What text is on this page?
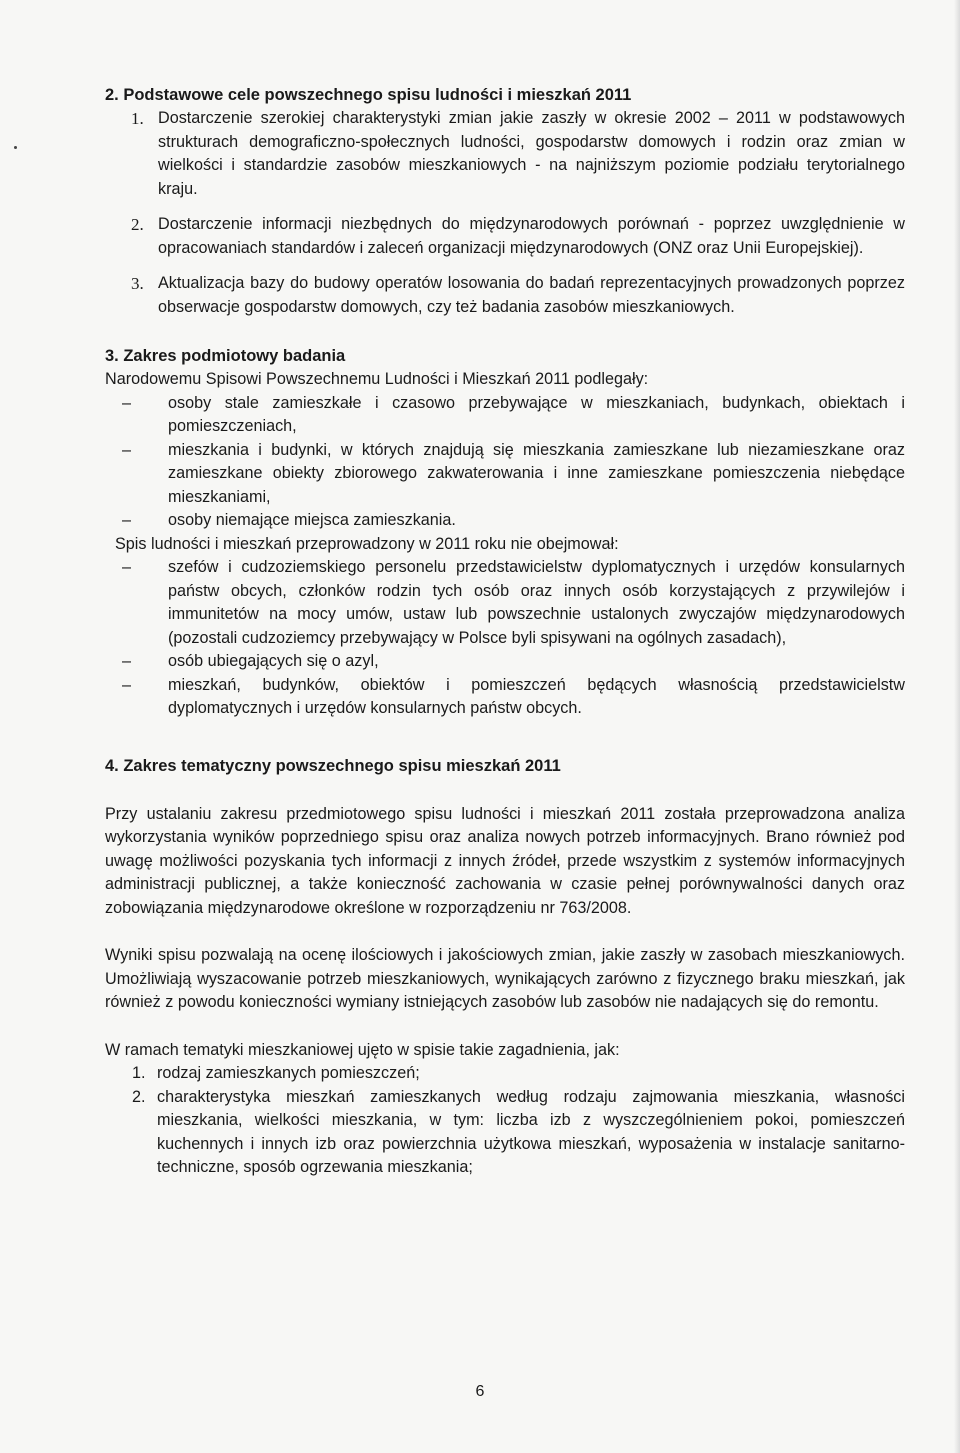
2. Podstawowe cele powszechnego spisu ludności i mieszkań 2011
1. Dostarczenie szerokiej charakterystyki zmian jakie zaszły w okresie 2002 – 2011 w podstawowych strukturach demograficzno-społecznych ludności, gospodarstw domowych i rodzin oraz zmian w wielkości i standardzie zasobów mieszkaniowych - na najniższym poziomie podziału terytorialnego kraju.
2. Dostarczenie informacji niezbędnych do międzynarodowych porównań - poprzez uwzględnienie w opracowaniach standardów i zaleceń organizacji międzynarodowych (ONZ oraz Unii Europejskiej).
3. Aktualizacja bazy do budowy operatów losowania do badań reprezentacyjnych prowadzonych poprzez obserwacje gospodarstw domowych, czy też badania zasobów mieszkaniowych.
3. Zakres podmiotowy badania

Narodowemu Spisowi Powszechnemu Ludności i Mieszkań 2011 podlegały:

– osoby stale zamieszkałe i czasowo przebywające w mieszkaniach, budynkach, obiektach i pomieszczeniach,
– mieszkania i budynki, w których znajdują się mieszkania zamieszkane lub niezamieszkane oraz zamieszkane obiekty zbiorowego zakwaterowania i inne zamieszkane pomieszczenia niebędące mieszkaniami,
– osoby niemające miejsca zamieszkania.

Spis ludności i mieszkań przeprowadzony w 2011 roku nie obejmował:

– szefów i cudzoziemskiego personelu przedstawicielstw dyplomatycznych i urzędów konsularnych państw obcych, członków rodzin tych osób oraz innych osób korzystających z przywilejów i immunitetów na mocy umów, ustaw lub powszechnie ustalonych zwyczajów międzynarodowych (pozostali cudzoziemcy przebywający w Polsce byli spisywani na ogólnych zasadach),
– osób ubiegających się o azyl,
– mieszkań, budynków, obiektów i pomieszczeń będących własnością przedstawicielstw dyplomatycznych i urzędów konsularnych państw obcych.
4. Zakres tematyczny powszechnego spisu mieszkań 2011

Przy ustalaniu zakresu przedmiotowego spisu ludności i mieszkań 2011 została przeprowadzona analiza wykorzystania wyników poprzedniego spisu oraz analiza nowych potrzeb informacyjnych. Brano również pod uwagę możliwości pozyskania tych informacji z innych źródeł, przede wszystkim z systemów informacyjnych administracji publicznej, a także konieczność zachowania w czasie pełnej porównywalności danych oraz zobowiązania międzynarodowe określone w rozporządzeniu nr 763/2008.

Wyniki spisu pozwalają na ocenę ilościowych i jakościowych zmian, jakie zaszły w zasobach mieszkaniowych. Umożliwiają wyszacowanie potrzeb mieszkaniowych, wynikających zarówno z fizycznego braku mieszkań, jak również z powodu konieczności wymiany istniejących zasobów lub zasobów nie nadających się do remontu.

W ramach tematyki mieszkaniowej ujęto w spisie takie zagadnienia, jak:

1. rodzaj zamieszkanych pomieszczeń;
2. charakterystyka mieszkań zamieszkanych według rodzaju zajmowania mieszkania, własności mieszkania, wielkości mieszkania, w tym: liczba izb z wyszczególnieniem pokoi, pomieszczeń kuchennych i innych izb oraz powierzchnia użytkowa mieszkań, wyposażenia w instalacje sanitarno-techniczne, sposób ogrzewania mieszkania;
6
